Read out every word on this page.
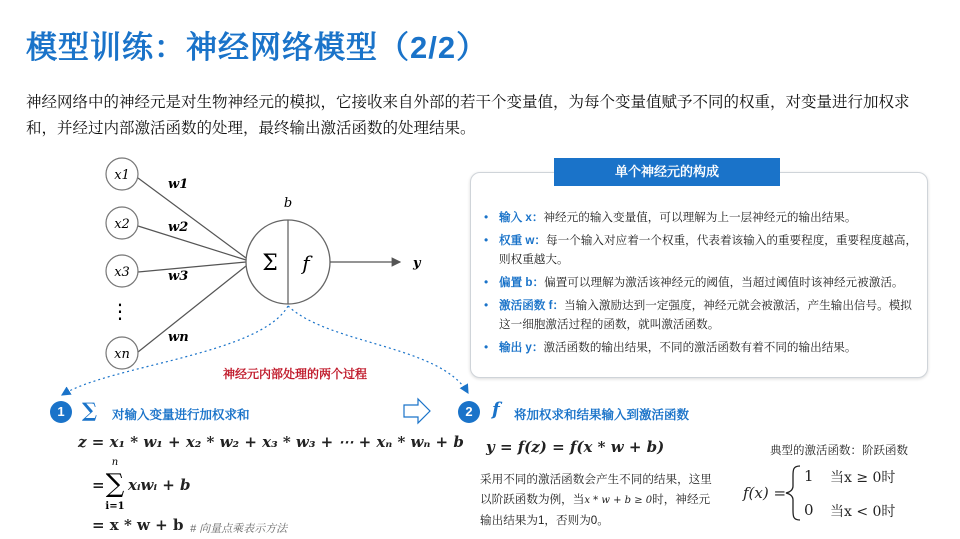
模型训练：神经网络模型（2/2）
神经网络中的神经元是对生物神经元的模拟，它接收来自外部的若干个变量值，为每个变量值赋予不同的权重，对变量进行加权求和，并经过内部激活函数的处理，最终输出激活函数的处理结果。
x1
x2
x3
xn
⋮
w1
w2
w3
wn
Σ f
b
y
神经元内部处理的两个过程
n
∑
i=1
单个神经元的构成
• 输入 x：神经元的输入变量值，可以理解为上一层神经元的输出结果。
• 权重 w：每一个输入对应着一个权重，代表着该输入的重要程度，重要程度越高，则权重越大。
• 偏置 b：偏置可以理解为激活该神经元的阈值，当超过阈值时该神经元被激活。
• 激活函数 f：当输入激励达到一定强度，神经元就会被激活，产生输出信号。模拟这一细胞激活过程的函数，就叫激活函数。
• 输出 y：激活函数的输出结果，不同的激活函数有着不同的输出结果。
1 ∑ 对输入变量进行加权求和
z = x₁ * w₁ + x₂ * w₂ + x₃ * w₃ + ⋯ + xₙ * wₙ + b
= xᵢwᵢ + b
= x * w + b # 向量点乘表示方法
2	f 将加权求和结果输入到激活函数
y = f(z) = f(x * w + b)
采用不同的激活函数会产生不同的结果，这里以阶跃函数为例，当x * w + b ≥ 0时，神经元输出结果为1，否则为0。
典型的激活函数：阶跃函数
f(x) =
1 当x ≥ 0时
0 当x < 0时
